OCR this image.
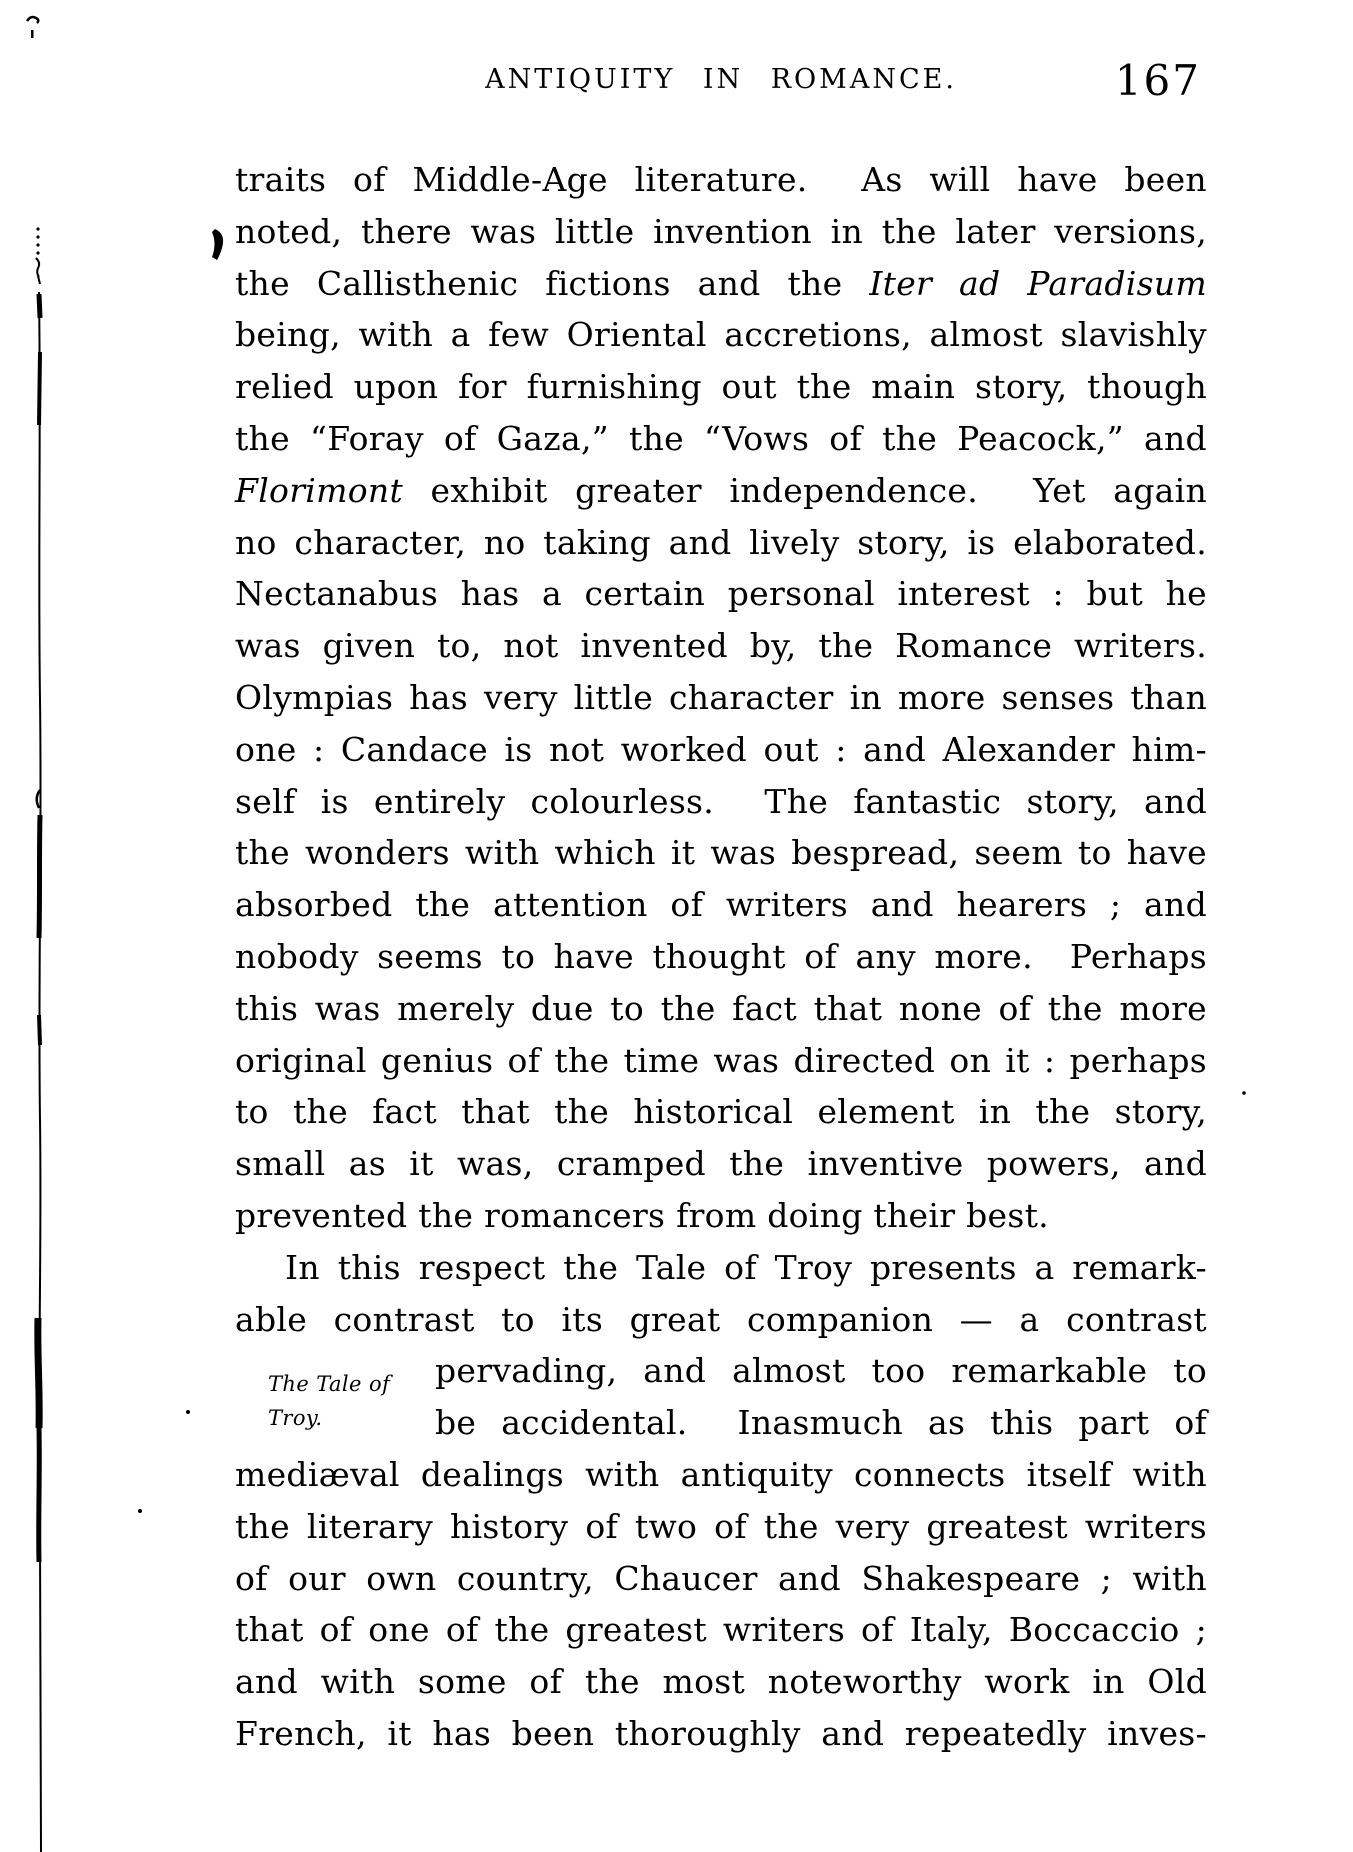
ANTIQUITY IN ROMANCE.	167
The Tale of
Troy.
traits of Middle-Age literature.  As will have been
noted, there was little invention in the later versions,
the Callisthenic fictions and the Iter ad Paradisum
being, with a few Oriental accretions, almost slavishly
relied upon for furnishing out the main story, though
the “Foray of Gaza,” the “Vows of the Peacock,” and
Florimont exhibit greater independence.  Yet again
no character, no taking and lively story, is elaborated.
Nectanabus has a certain personal interest : but he
was given to, not invented by, the Romance writers.
Olympias has very little character in more senses than
one : Candace is not worked out : and Alexander him-
self is entirely colourless.  The fantastic story, and
the wonders with which it was bespread, seem to have
absorbed the attention of writers and hearers ; and
nobody seems to have thought of any more.  Perhaps
this was merely due to the fact that none of the more
original genius of the time was directed on it : perhaps
to the fact that the historical element in the story,
small as it was, cramped the inventive powers, and
prevented the romancers from doing their best.
In this respect the Tale of Troy presents a remark-
able contrast to its great companion — a contrast
pervading, and almost too remarkable to
be accidental.  Inasmuch as this part of
mediæval dealings with antiquity connects itself with
the literary history of two of the very greatest writers
of our own country, Chaucer and Shakespeare ; with
that of one of the greatest writers of Italy, Boccaccio ;
and with some of the most noteworthy work in Old
French, it has been thoroughly and repeatedly inves-
